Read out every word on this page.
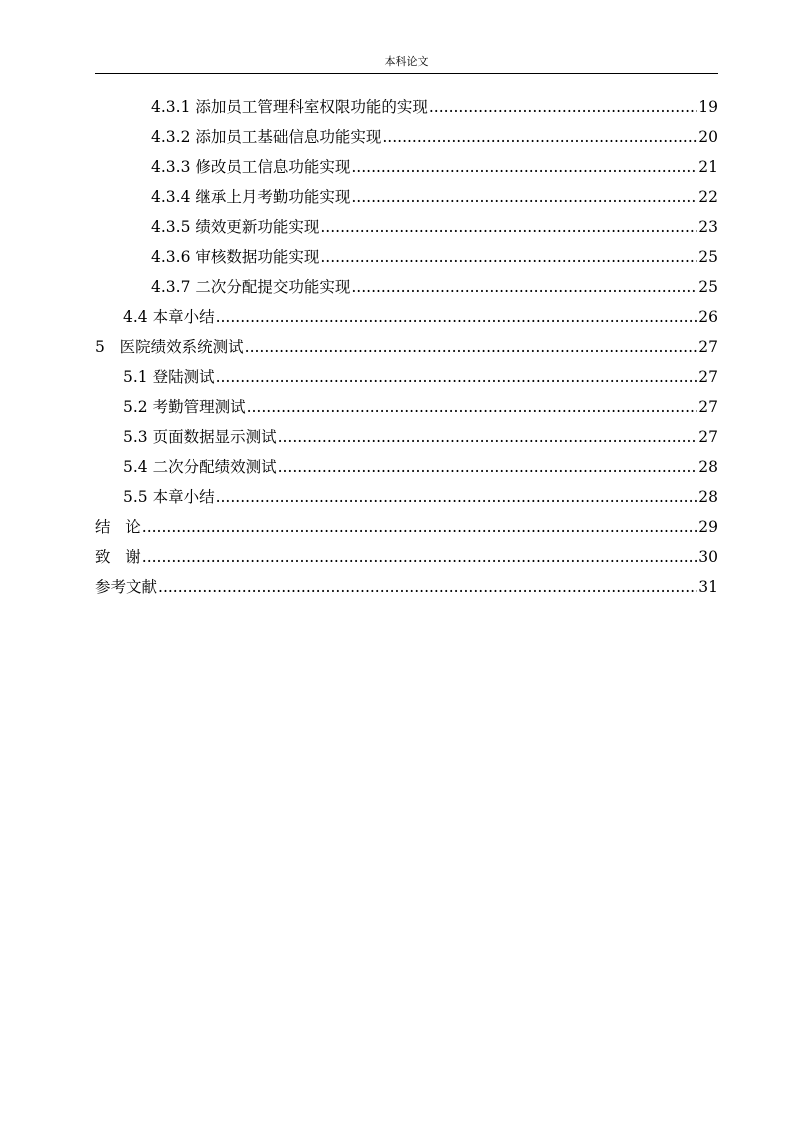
本科论文
4.3.1 添加员工管理科室权限功能的实现 .....	19
4.3.2 添加员工基础信息功能实现 .....	20
4.3.3 修改员工信息功能实现 .....	21
4.3.4 继承上月考勤功能实现 .....	22
4.3.5 绩效更新功能实现 .....	23
4.3.6 审核数据功能实现 .....	25
4.3.7 二次分配提交功能实现 .....	25
4.4 本章小结 .....	26
5   医院绩效系统测试 .....	27
5.1 登陆测试 .....	27
5.2 考勤管理测试 .....	27
5.3 页面数据显示测试 .....	27
5.4 二次分配绩效测试 .....	28
5.5 本章小结 .....	28
结   论 .....	29
致   谢 .....	30
参考文献 .....	31
